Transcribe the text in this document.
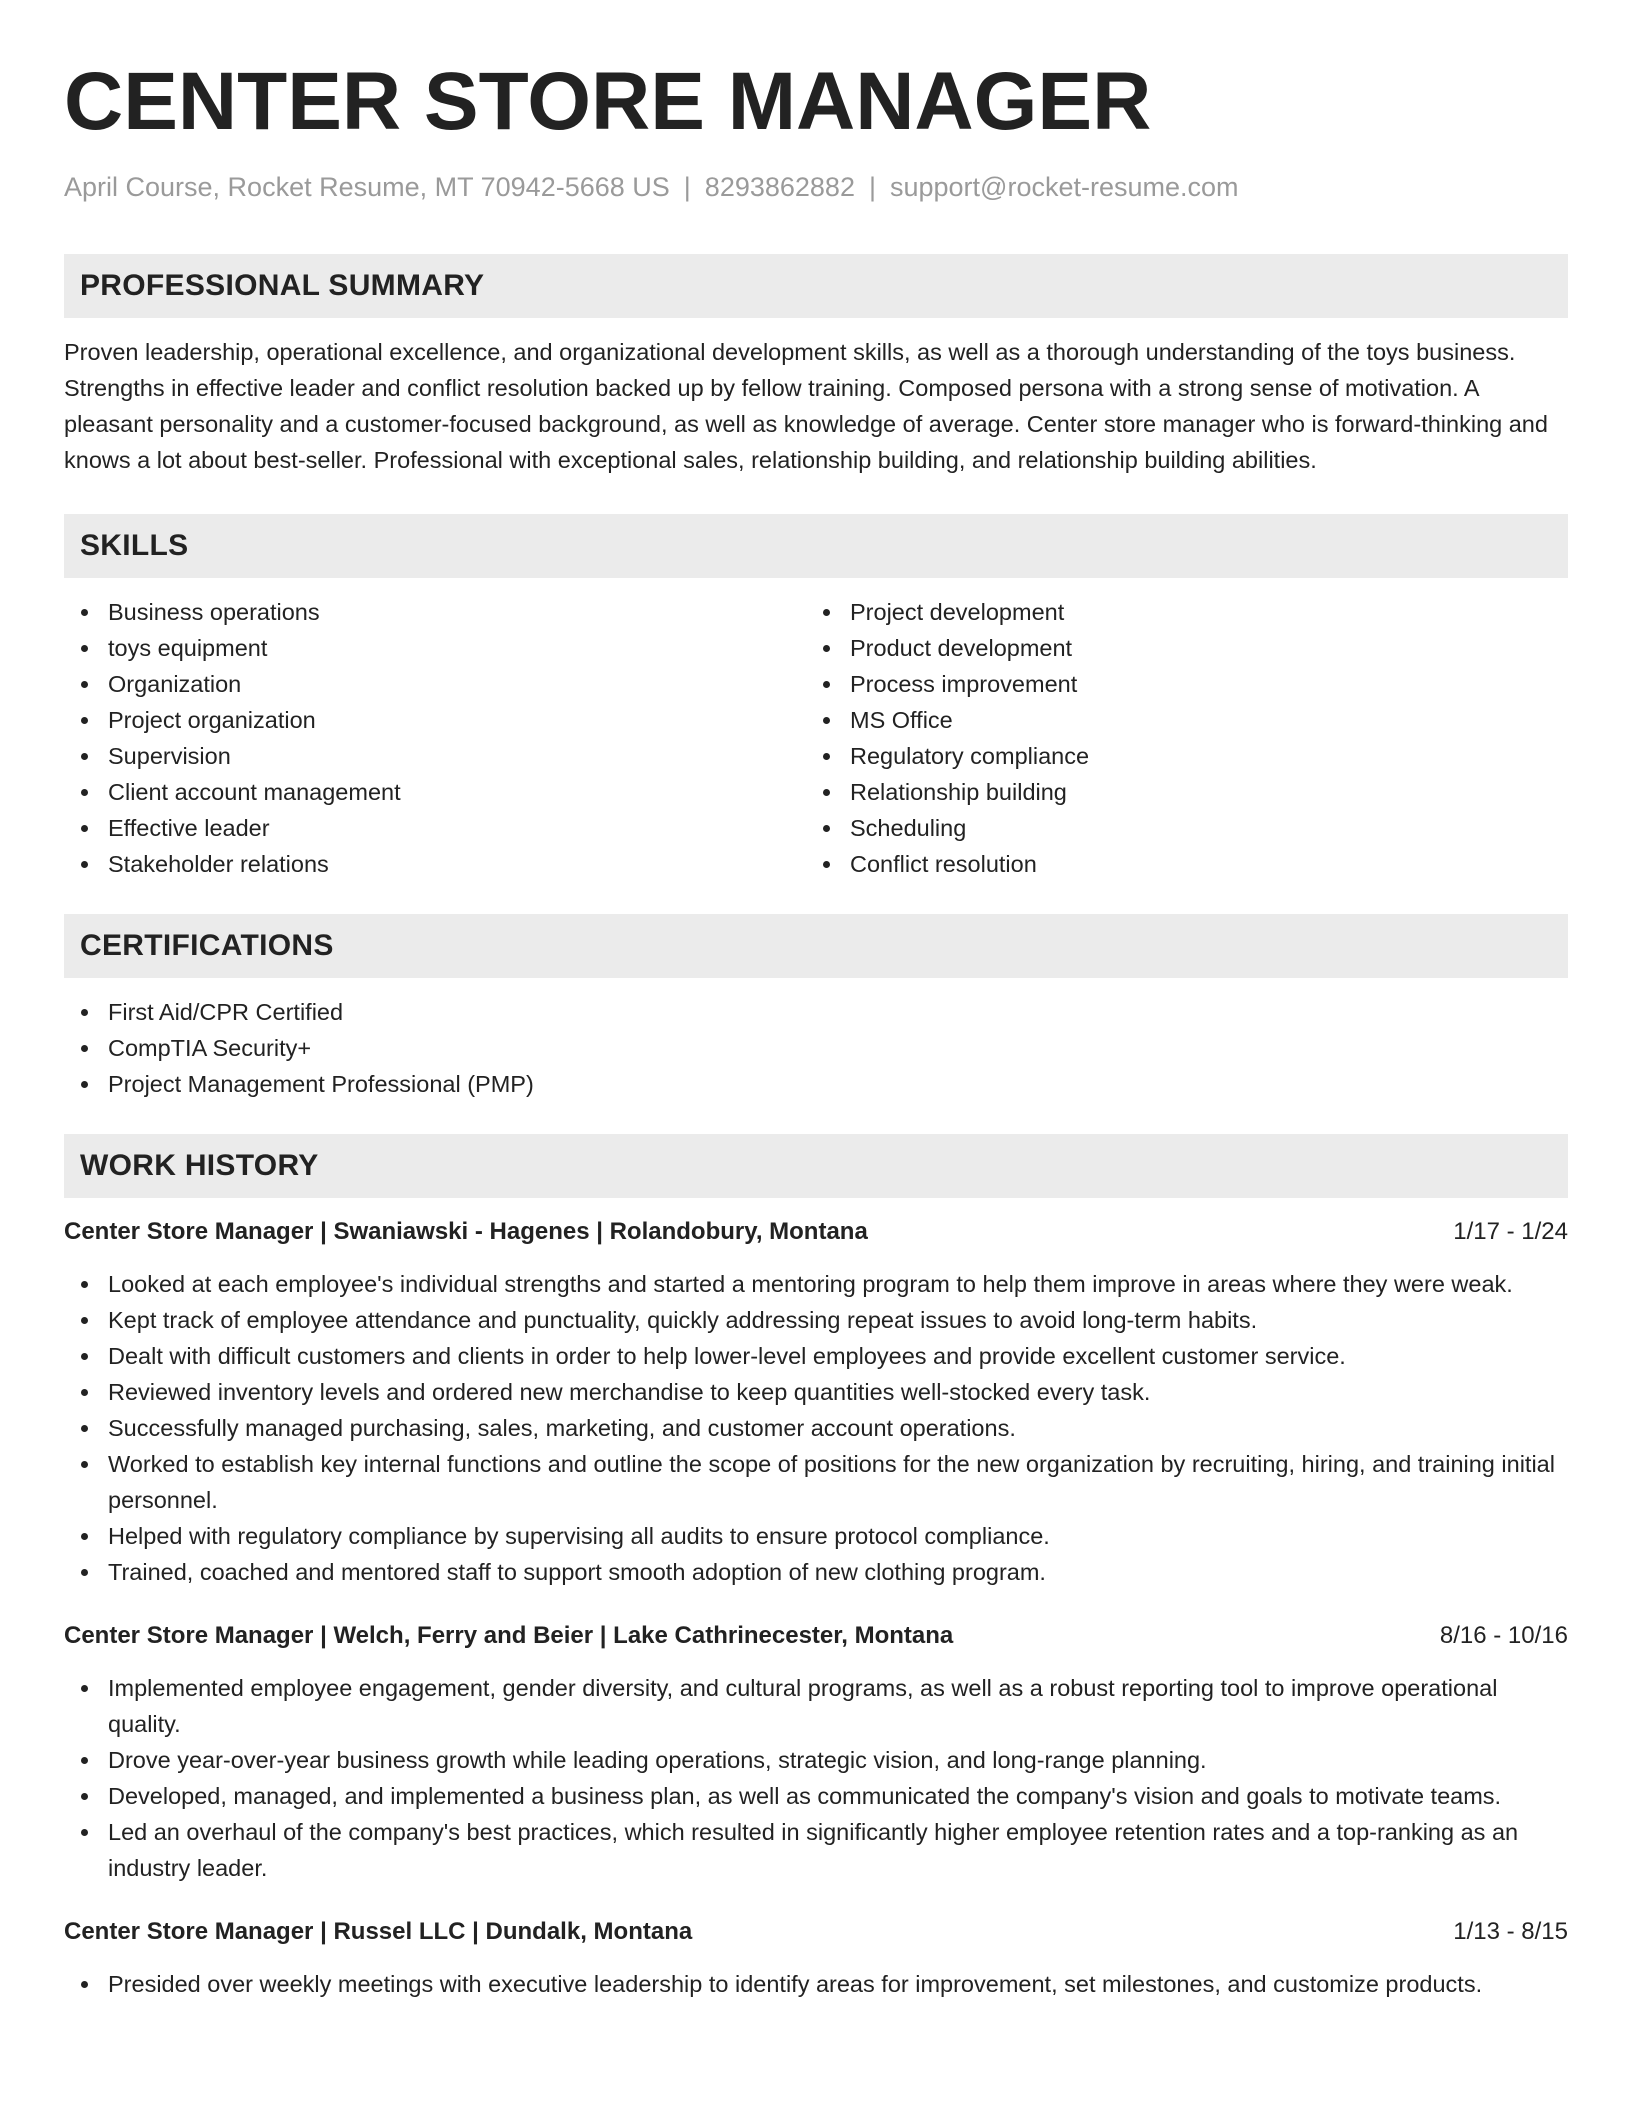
CENTER STORE MANAGER
April Course, Rocket Resume, MT 70942-5668 US | 8293862882 | support@rocket-resume.com
PROFESSIONAL SUMMARY

Proven leadership, operational excellence, and organizational development skills, as well as a thorough understanding of the toys business. Strengths in effective leader and conflict resolution backed up by fellow training. Composed persona with a strong sense of motivation. A pleasant personality and a customer-focused background, as well as knowledge of average. Center store manager who is forward-thinking and knows a lot about best-seller. Professional with exceptional sales, relationship building, and relationship building abilities.

SKILLS
Business operations
toys equipment
Organization
Project organization
Supervision
Client account management
Effective leader
Stakeholder relations
Project development
Product development
Process improvement
MS Office
Regulatory compliance
Relationship building
Scheduling
Conflict resolution
CERTIFICATIONS
First Aid/CPR Certified
CompTIA Security+
Project Management Professional (PMP)
WORK HISTORY
Center Store Manager | Swaniawski - Hagenes | Rolandobury, Montana	1/17 - 1/24
Looked at each employee's individual strengths and started a mentoring program to help them improve in areas where they were weak.
Kept track of employee attendance and punctuality, quickly addressing repeat issues to avoid long-term habits.
Dealt with difficult customers and clients in order to help lower-level employees and provide excellent customer service.
Reviewed inventory levels and ordered new merchandise to keep quantities well-stocked every task.
Successfully managed purchasing, sales, marketing, and customer account operations.
Worked to establish key internal functions and outline the scope of positions for the new organization by recruiting, hiring, and training initial personnel.
Helped with regulatory compliance by supervising all audits to ensure protocol compliance.
Trained, coached and mentored staff to support smooth adoption of new clothing program.
Center Store Manager | Welch, Ferry and Beier | Lake Cathrinecester, Montana	8/16 - 10/16
Implemented employee engagement, gender diversity, and cultural programs, as well as a robust reporting tool to improve operational quality.
Drove year-over-year business growth while leading operations, strategic vision, and long-range planning.
Developed, managed, and implemented a business plan, as well as communicated the company's vision and goals to motivate teams.
Led an overhaul of the company's best practices, which resulted in significantly higher employee retention rates and a top-ranking as an industry leader.
Center Store Manager | Russel LLC | Dundalk, Montana	1/13 - 8/15
Presided over weekly meetings with executive leadership to identify areas for improvement, set milestones, and customize products.
